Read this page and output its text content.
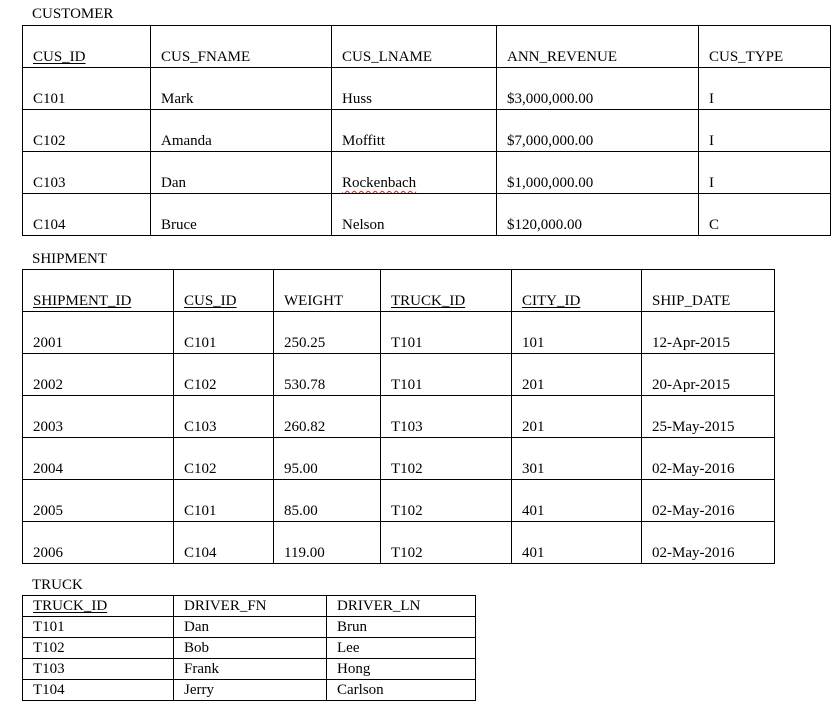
CUSTOMER
CUS_ID	CUS_FNAME	CUS_LNAME	ANN_REVENUE	CUS_TYPE
C101	Mark	Huss	$3,000,000.00	I
C102	Amanda	Moffitt	$7,000,000.00	I
C103	Dan	Rockenbach	$1,000,000.00	I
C104	Bruce	Nelson	$120,000.00	C
SHIPMENT
SHIPMENT_ID	CUS_ID	WEIGHT	TRUCK_ID	CITY_ID	SHIP_DATE
2001	C101	250.25	T101	101	12-Apr-2015
2002	C102	530.78	T101	201	20-Apr-2015
2003	C103	260.82	T103	201	25-May-2015
2004	C102	95.00	T102	301	02-May-2016
2005	C101	85.00	T102	401	02-May-2016
2006	C104	119.00	T102	401	02-May-2016
TRUCK
TRUCK_ID	DRIVER_FN	DRIVER_LN
T101	Dan	Brun
T102	Bob	Lee
T103	Frank	Hong
T104	Jerry	Carlson
